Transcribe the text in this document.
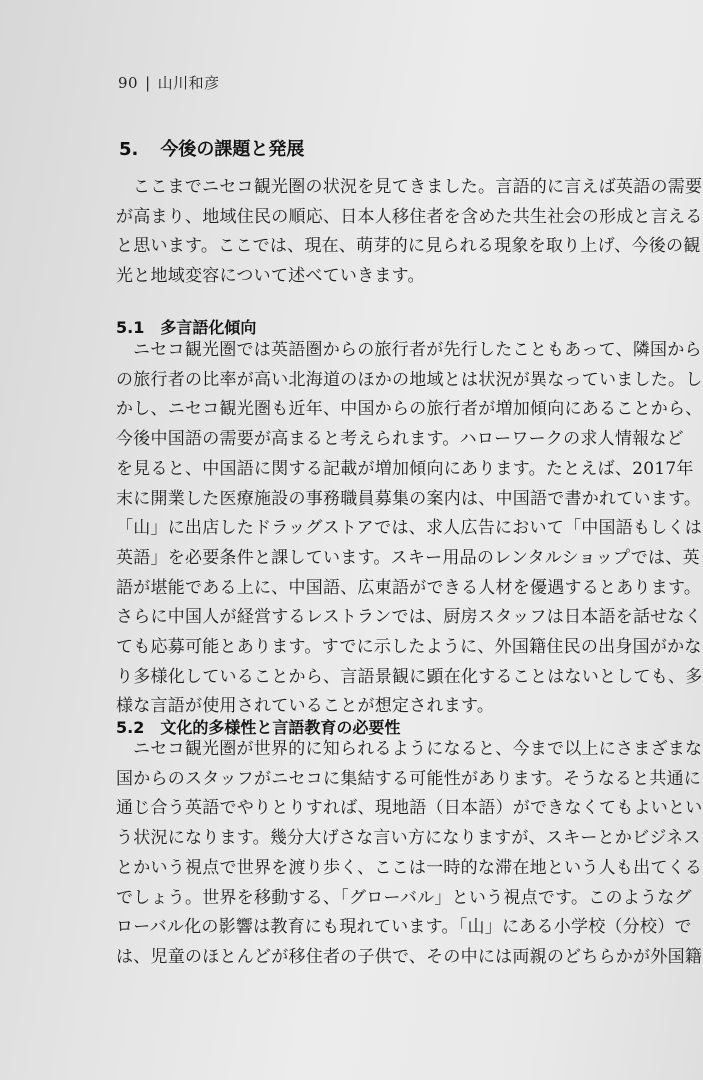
90 | 山川和彦
5. 今後の課題と発展

ここまでニセコ観光圏の状況を見てきました。言語的に言えば英語の需要
が高まり、地域住民の順応、日本人移住者を含めた共生社会の形成と言える
と思います。ここでは、現在、萌芽的に見られる現象を取り上げ、今後の観
光と地域変容について述べていきます。

5.1 多言語化傾向

ニセコ観光圏では英語圏からの旅行者が先行したこともあって、隣国から
の旅行者の比率が高い北海道のほかの地域とは状況が異なっていました。し
かし、ニセコ観光圏も近年、中国からの旅行者が増加傾向にあることから、
今後中国語の需要が高まると考えられます。ハローワークの求人情報など
を見ると、中国語に関する記載が増加傾向にあります。たとえば、2017年
末に開業した医療施設の事務職員募集の案内は、中国語で書かれています。
「山」に出店したドラッグストアでは、求人広告において「中国語もしくは
英語」を必要条件と課しています。スキー用品のレンタルショップでは、英
語が堪能である上に、中国語、広東語ができる人材を優遇するとあります。
さらに中国人が経営するレストランでは、厨房スタッフは日本語を話せなく
ても応募可能とあります。すでに示したように、外国籍住民の出身国がかな
り多様化していることから、言語景観に顕在化することはないとしても、多
様な言語が使用されていることが想定されます。

5.2 文化的多様性と言語教育の必要性

ニセコ観光圏が世界的に知られるようになると、今まで以上にさまざまな
国からのスタッフがニセコに集結する可能性があります。そうなると共通に
通じ合う英語でやりとりすれば、現地語（日本語）ができなくてもよいとい
う状況になります。幾分大げさな言い方になりますが、スキーとかビジネス
とかいう視点で世界を渡り歩く、ここは一時的な滞在地という人も出てくる
でしょう。世界を移動する、「グローバル」という視点です。このようなグ
ローバル化の影響は教育にも現れています。「山」にある小学校（分校）で
は、児童のほとんどが移住者の子供で、その中には両親のどちらかが外国籍
